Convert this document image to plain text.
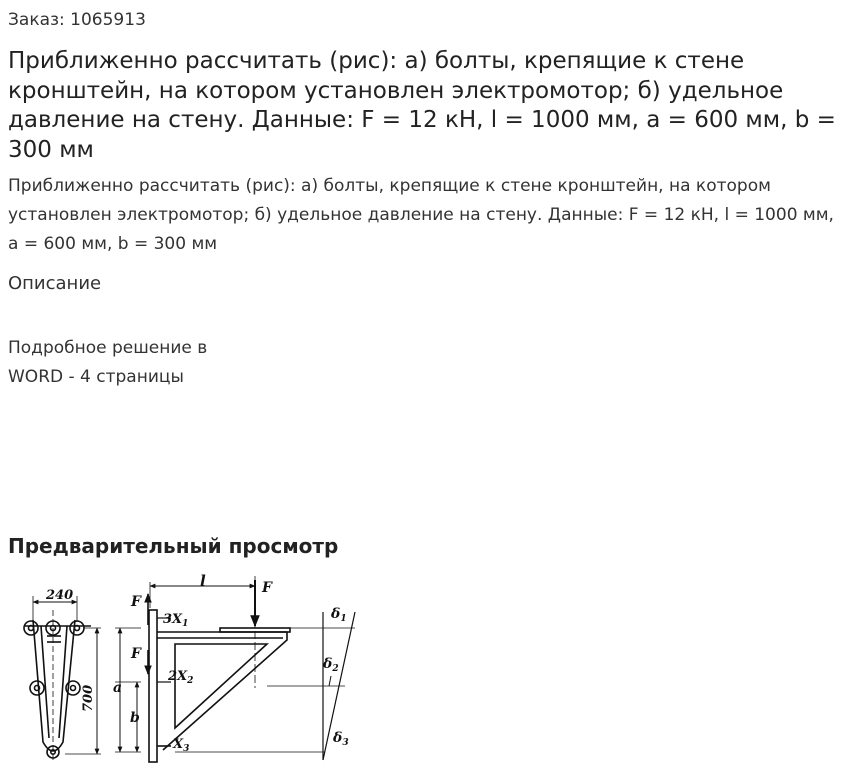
Заказ: 1065913
Приближенно рассчитать (рис): а) болты, крепящие к стене кронштейн, на котором установлен электромотор; б) удельное давление на стену. Данные: F = 12 кН, l = 1000 мм, a = 600 мм, b = 300 мм

Приближенно рассчитать (рис): а) болты, крепящие к стене кронштейн, на котором установлен электромотор; б) удельное давление на стену. Данные: F = 12 кН, l = 1000 мм, a = 600 мм, b = 300 мм

Описание
Подробное решение в
WORD - 4 страницы
Предварительный просмотр
240
700
F
F
F
l
a
b
$3X_1$
$2X_2$
$X_3$
$\delta_1$
$\delta_2$
$\delta_3$
